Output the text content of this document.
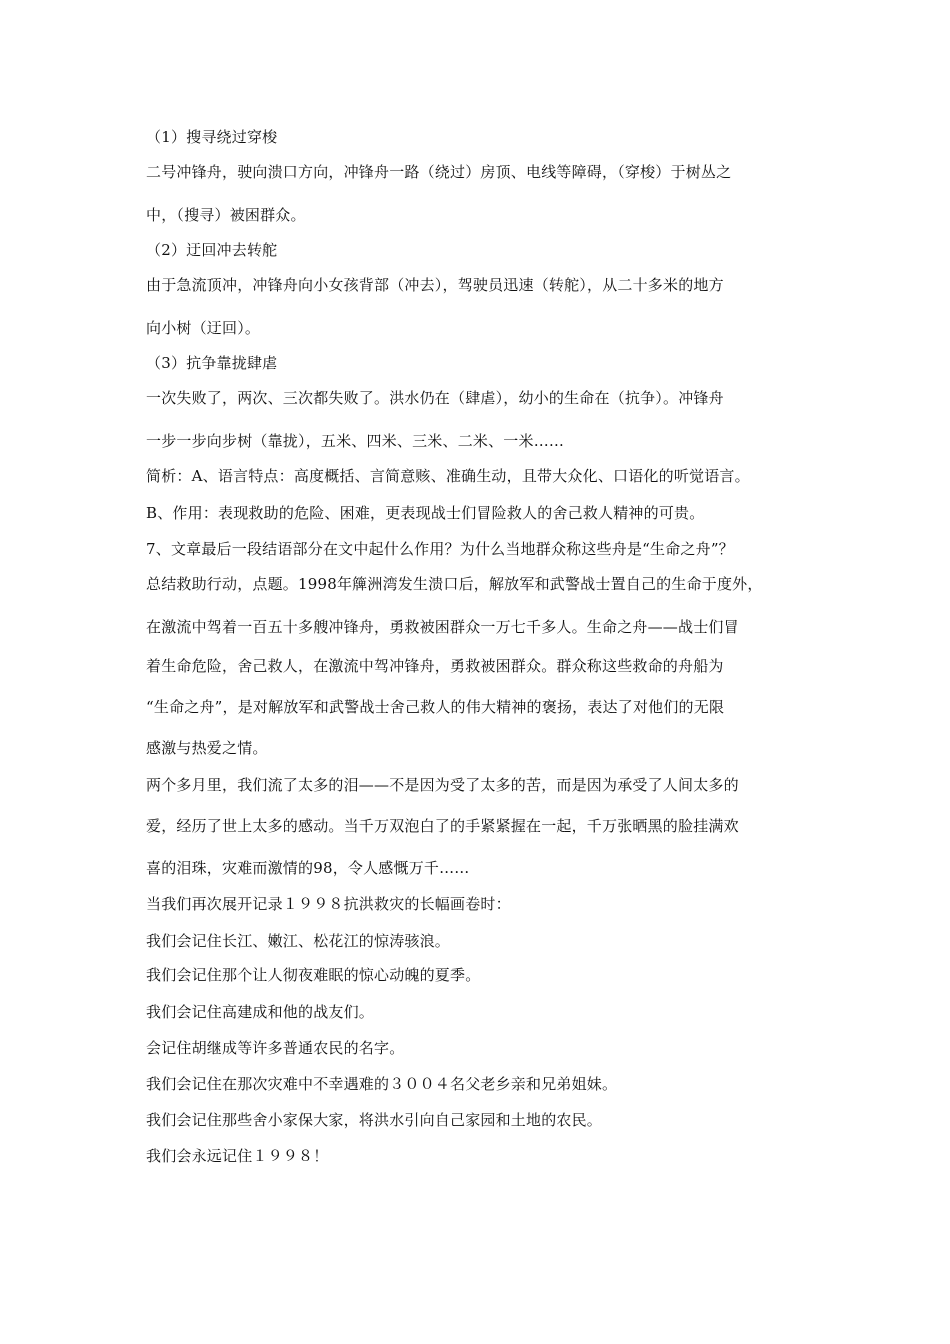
（1）搜寻绕过穿梭
二号冲锋舟，驶向溃口方向，冲锋舟一路（绕过）房顶、电线等障碍，（穿梭）于树丛之
中，（搜寻）被困群众。
（2）迂回冲去转舵
由于急流顶冲，冲锋舟向小女孩背部（冲去），驾驶员迅速（转舵），从二十多米的地方
向小树（迂回）。
（3）抗争靠拢肆虐
一次失败了，两次、三次都失败了。洪水仍在（肆虐），幼小的生命在（抗争）。冲锋舟
一步一步向步树（靠拢），五米、四米、三米、二米、一米……
简析：A、语言特点：高度概括、言简意赅、准确生动，且带大众化、口语化的听觉语言。
B、作用：表现救助的危险、困难，更表现战士们冒险救人的舍己救人精神的可贵。
7、文章最后一段结语部分在文中起什么作用？为什么当地群众称这些舟是“生命之舟”？
总结救助行动，点题。1998年簰洲湾发生溃口后，解放军和武警战士置自己的生命于度外，
在激流中驾着一百五十多艘冲锋舟，勇救被困群众一万七千多人。生命之舟——战士们冒
着生命危险，舍己救人，在激流中驾冲锋舟，勇救被困群众。群众称这些救命的舟船为
“生命之舟”，是对解放军和武警战士舍己救人的伟大精神的褒扬，表达了对他们的无限
感激与热爱之情。
两个多月里，我们流了太多的泪——不是因为受了太多的苦，而是因为承受了人间太多的
爱，经历了世上太多的感动。当千万双泡白了的手紧紧握在一起，千万张晒黑的脸挂满欢
喜的泪珠，灾难而激情的98，令人感慨万千……
当我们再次展开记录１９９８抗洪救灾的长幅画卷时：
我们会记住长江、嫩江、松花江的惊涛骇浪。
我们会记住那个让人彻夜难眠的惊心动魄的夏季。
我们会记住高建成和他的战友们。
会记住胡继成等许多普通农民的名字。
我们会记住在那次灾难中不幸遇难的３００４名父老乡亲和兄弟姐妹。
我们会记住那些舍小家保大家，将洪水引向自己家园和土地的农民。
我们会永远记住１９９８！
